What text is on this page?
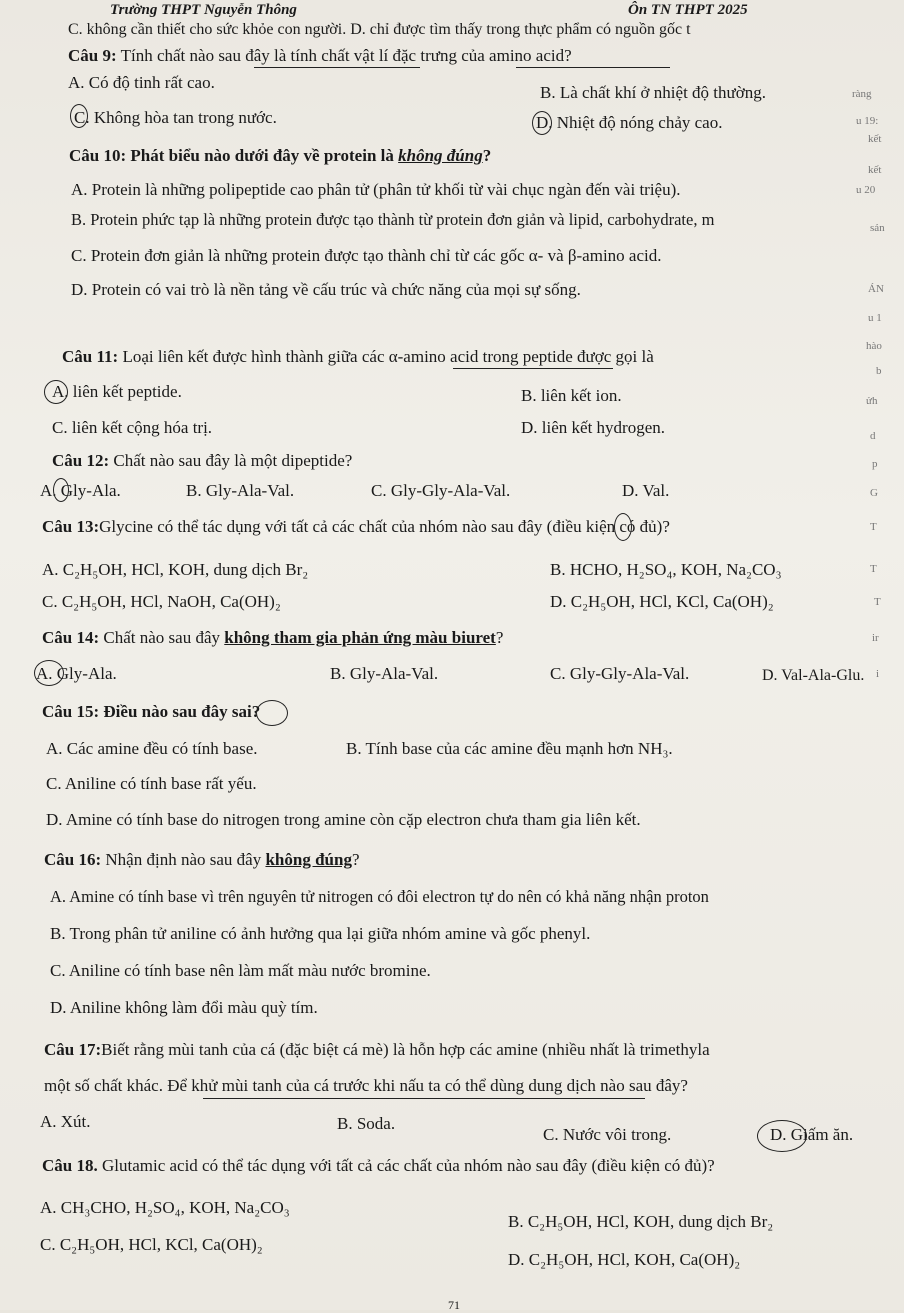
Trường THPT Nguyễn Thông	Ôn TN THPT 2025
C. không cần thiết cho sức khỏe con người. D. chỉ được tìm thấy trong thực phẩm có nguồn gốc t
Câu 9: Tính chất nào sau đây là tính chất vật lí đặc trưng của amino acid?
A. Có độ tinh rất cao.
B. Là chất khí ở nhiệt độ thường.
C. Không hòa tan trong nước.	D. Nhiệt độ nóng chảy cao.
Câu 10: Phát biểu nào dưới đây về protein là không đúng?
A. Protein là những polipeptide cao phân tử (phân tử khối từ vài chục ngàn đến vài triệu).
B. Protein phức tạp là những protein được tạo thành từ protein đơn giản và lipid, carbohydrate, m
C. Protein đơn giản là những protein được tạo thành chỉ từ các gốc α- và β-amino acid.
D. Protein có vai trò là nền tảng về cấu trúc và chức năng của mọi sự sống.
Câu 11: Loại liên kết được hình thành giữa các α-amino acid trong peptide được gọi là
A. liên kết peptide.	B. liên kết ion.
C. liên kết cộng hóa trị.	D. liên kết hydrogen.
Câu 12: Chất nào sau đây là một dipeptide?
A. Gly-Ala.	B. Gly-Ala-Val.	C. Gly-Gly-Ala-Val.	D. Val.
Câu 13:Glycine có thể tác dụng với tất cả các chất của nhóm nào sau đây (điều kiện có đủ)?
A. C₂H₅OH, HCl, KOH, dung dịch Br₂	B. HCHO, H₂SO₄, KOH, Na₂CO₃
C. C₂H₅OH, HCl, NaOH, Ca(OH)₂	D. C₂H₅OH, HCl, KCl, Ca(OH)₂
Câu 14: Chất nào sau đây không tham gia phản ứng màu biuret?
A. Gly-Ala.	B. Gly-Ala-Val.	C. Gly-Gly-Ala-Val.	D. Val-Ala-Glu.
Câu 15: Điều nào sau đây sai?
A. Các amine đều có tính base.	B. Tính base của các amine đều mạnh hơn NH₃.
C. Aniline có tính base rất yếu.
D. Amine có tính base do nitrogen trong amine còn cặp electron chưa tham gia liên kết.
Câu 16: Nhận định nào sau đây không đúng?
A. Amine có tính base vì trên nguyên tử nitrogen có đôi electron tự do nên có khả năng nhận proton
B. Trong phân tử aniline có ảnh hưởng qua lại giữa nhóm amine và gốc phenyl.
C. Aniline có tính base nên làm mất màu nước bromine.
D. Aniline không làm đổi màu quỳ tím.
Câu 17:Biết rằng mùi tanh của cá (đặc biệt cá mè) là hỗn hợp các amine (nhiều nhất là trimethyla
một số chất khác. Để khử mùi tanh của cá trước khi nấu ta có thể dùng dung dịch nào sau đây?
A. Xút.	B. Soda.
C. Nước vôi trong.	D. Giấm ăn.
Câu 18. Glutamic acid có thể tác dụng với tất cả các chất của nhóm nào sau đây (điều kiện có đủ)?
A. CH₃CHO, H₂SO₄, KOH, Na₂CO₃
B. C₂H₅OH, HCl, KOH, dung dịch Br₂
C. C₂H₅OH, HCl, KCl, Ca(OH)₂
D. C₂H₅OH, HCl, KOH, Ca(OH)₂
71
ràng
u 19:
kết
kết
u 20
sản
ÁN
u 1
hào
b
ửh
d
p
G
T
T
T
ir
i
